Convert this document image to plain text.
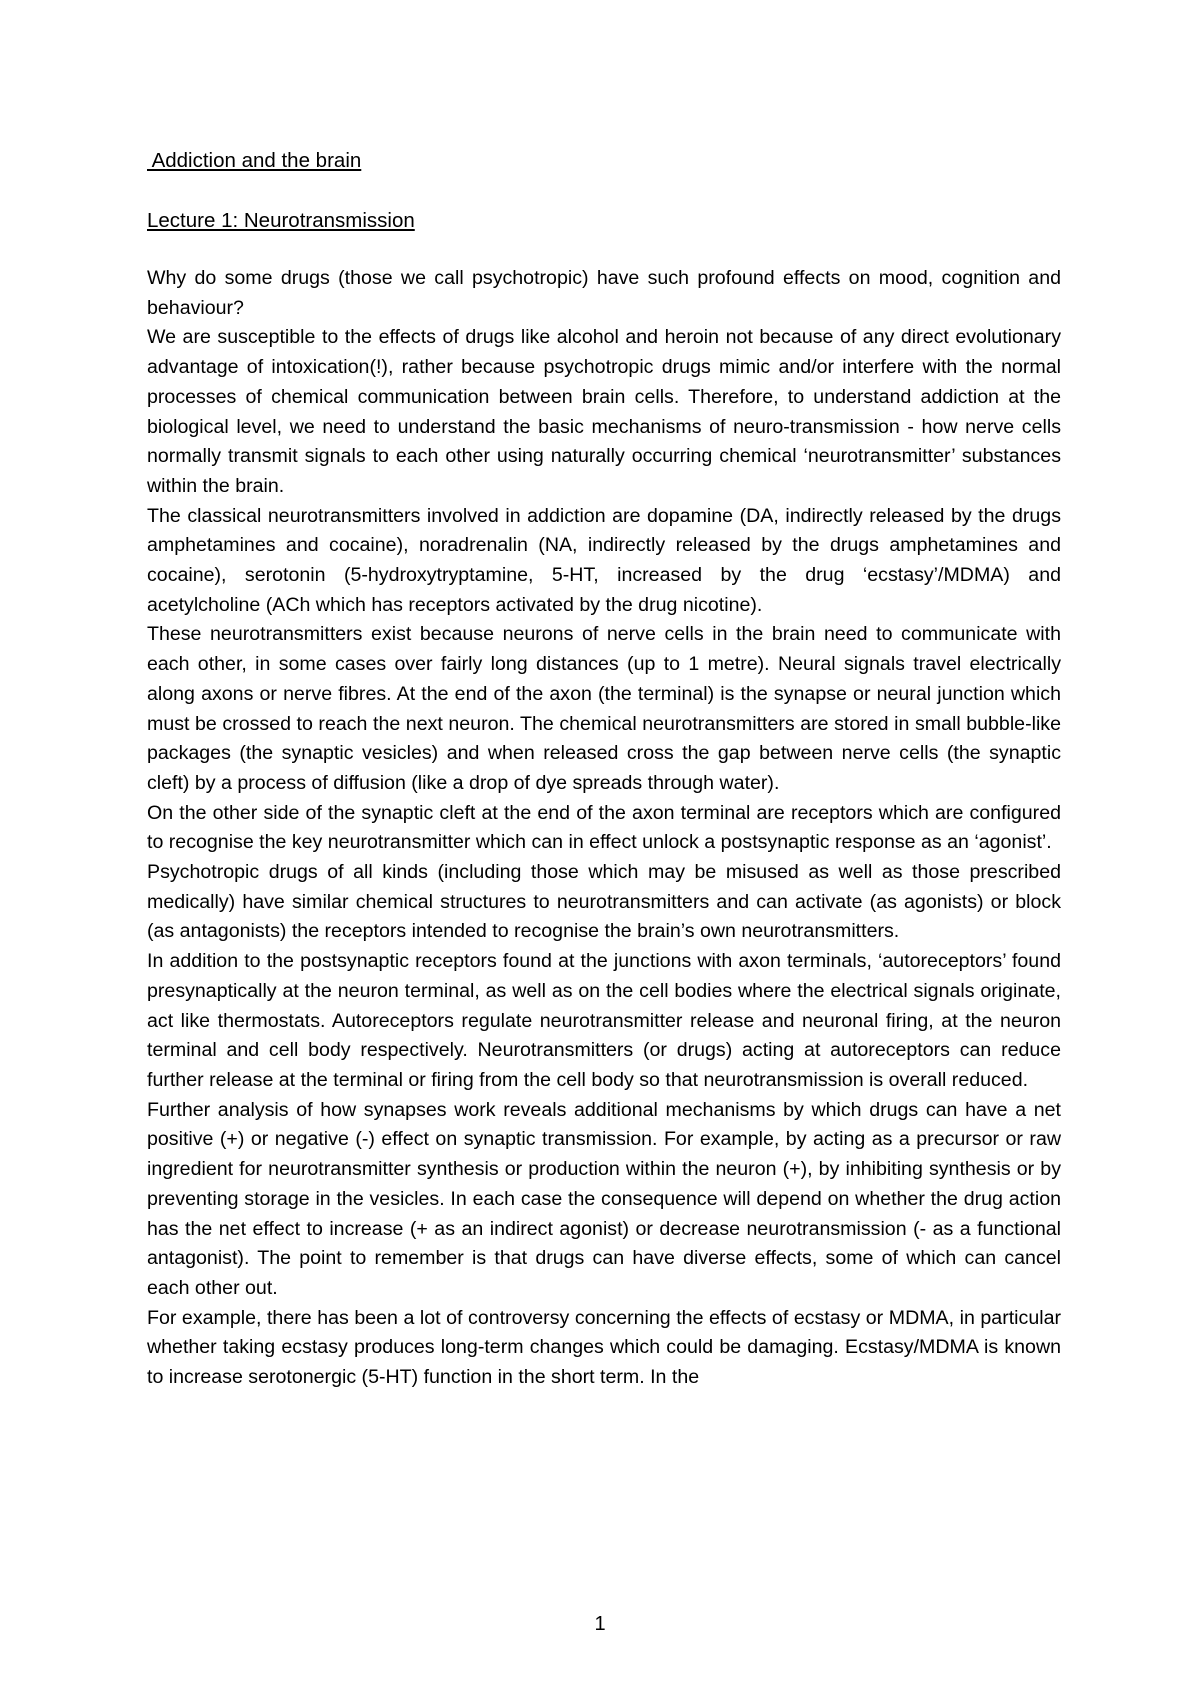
Addiction and the brain
Lecture 1: Neurotransmission

Why do some drugs (those we call psychotropic) have such profound effects on mood, cognition and behaviour?

We are susceptible to the effects of drugs like alcohol and heroin not because of any direct evolutionary advantage of intoxication(!), rather because psychotropic drugs mimic and/or interfere with the normal processes of chemical communication between brain cells. Therefore, to understand addiction at the biological level, we need to understand the basic mechanisms of neuro-transmission - how nerve cells normally transmit signals to each other using naturally occurring chemical ‘neurotransmitter’ substances within the brain.

The classical neurotransmitters involved in addiction are dopamine (DA, indirectly released by the drugs amphetamines and cocaine), noradrenalin (NA, indirectly released by the drugs amphetamines and cocaine), serotonin (5-hydroxytryptamine, 5-HT, increased by the drug ‘ecstasy’/MDMA) and acetylcholine (ACh which has receptors activated by the drug nicotine).

These neurotransmitters exist because neurons of nerve cells in the brain need to communicate with each other, in some cases over fairly long distances (up to 1 metre). Neural signals travel electrically along axons or nerve fibres. At the end of the axon (the terminal) is the synapse or neural junction which must be crossed to reach the next neuron. The chemical neurotransmitters are stored in small bubble-like packages (the synaptic vesicles) and when released cross the gap between nerve cells (the synaptic cleft) by a process of diffusion (like a drop of dye spreads through water).

On the other side of the synaptic cleft at the end of the axon terminal are receptors which are configured to recognise the key neurotransmitter which can in effect unlock a postsynaptic response as an ‘agonist’.

Psychotropic drugs of all kinds (including those which may be misused as well as those prescribed medically) have similar chemical structures to neurotransmitters and can activate (as agonists) or block (as antagonists) the receptors intended to recognise the brain’s own neurotransmitters.

In addition to the postsynaptic receptors found at the junctions with axon terminals, ‘autoreceptors’ found presynaptically at the neuron terminal, as well as on the cell bodies where the electrical signals originate, act like thermostats. Autoreceptors regulate neurotransmitter release and neuronal firing, at the neuron terminal and cell body respectively. Neurotransmitters (or drugs) acting at autoreceptors can reduce further release at the terminal or firing from the cell body so that neurotransmission is overall reduced.

Further analysis of how synapses work reveals additional mechanisms by which drugs can have a net positive (+) or negative (-) effect on synaptic transmission. For example, by acting as a precursor or raw ingredient for neurotransmitter synthesis or production within the neuron (+), by inhibiting synthesis or by preventing storage in the vesicles. In each case the consequence will depend on whether the drug action has the net effect to increase (+ as an indirect agonist) or decrease neurotransmission (- as a functional antagonist). The point to remember is that drugs can have diverse effects, some of which can cancel each other out.

For example, there has been a lot of controversy concerning the effects of ecstasy or MDMA, in particular whether taking ecstasy produces long-term changes which could be damaging. Ecstasy/MDMA is known to increase serotonergic (5-HT) function in the short term. In the

1
